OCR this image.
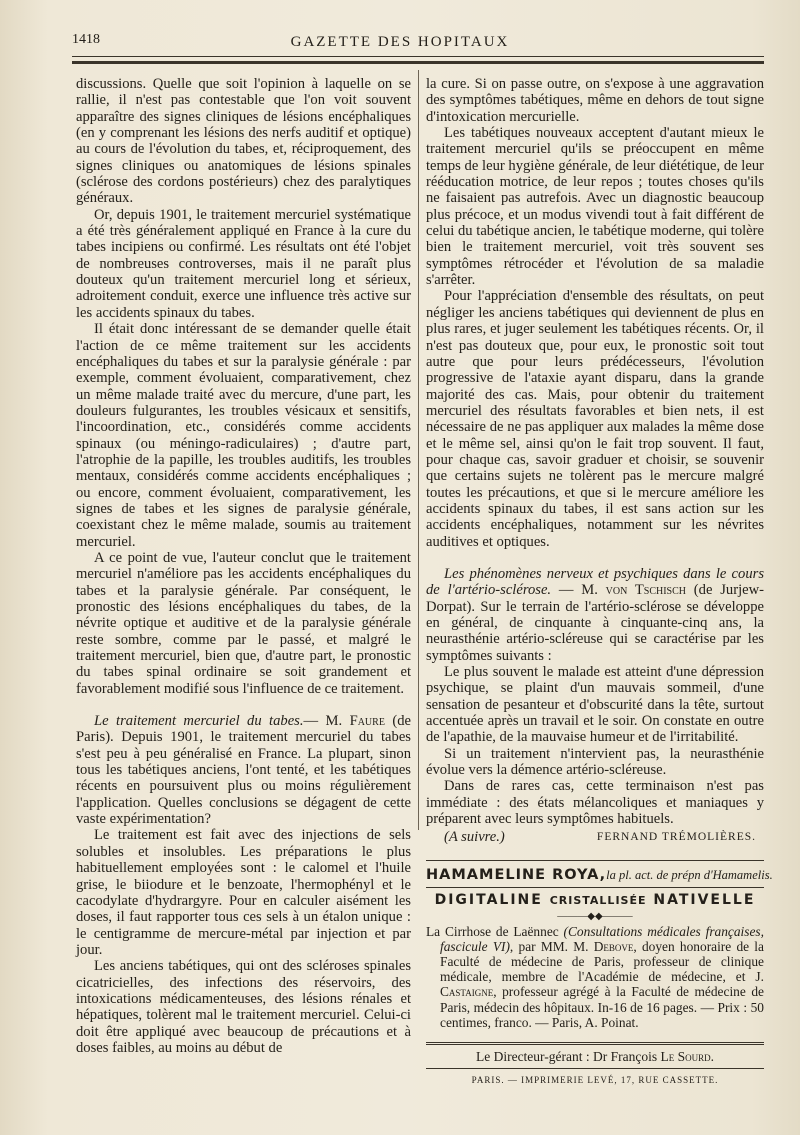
1418	GAZETTE DES HOPITAUX

discussions. Quelle que soit l'opinion à laquelle on se rallie, il n'est pas contestable que l'on voit souvent apparaître des signes cliniques de lésions encéphaliques (en y comprenant les lésions des nerfs auditif et optique) au cours de l'évolution du tabes, et, réciproquement, des signes cliniques ou anatomiques de lésions spinales (sclérose des cordons postérieurs) chez des paralytiques généraux.

Or, depuis 1901, le traitement mercuriel systématique a été très généralement appliqué en France à la cure du tabes incipiens ou confirmé. Les résultats ont été l'objet de nombreuses controverses, mais il ne paraît plus douteux qu'un traitement mercuriel long et sérieux, adroitement conduit, exerce une influence très active sur les accidents spinaux du tabes.

Il était donc intéressant de se demander quelle était l'action de ce même traitement sur les accidents encéphaliques du tabes et sur la paralysie générale : par exemple, comment évoluaient, comparativement, chez un même malade traité avec du mercure, d'une part, les douleurs fulgurantes, les troubles vésicaux et sensitifs, l'incoordination, etc., considérés comme accidents spinaux (ou méningo-radiculaires) ; d'autre part, l'atrophie de la papille, les troubles auditifs, les troubles mentaux, considérés comme accidents encéphaliques ; ou encore, comment évoluaient, comparativement, les signes de tabes et les signes de paralysie générale, coexistant chez le même malade, soumis au traitement mercuriel.

A ce point de vue, l'auteur conclut que le traitement mercuriel n'améliore pas les accidents encéphaliques du tabes et la paralysie générale. Par conséquent, le pronostic des lésions encéphaliques du tabes, de la névrite optique et auditive et de la paralysie générale reste sombre, comme par le passé, et malgré le traitement mercuriel, bien que, d'autre part, le pronostic du tabes spinal ordinaire se soit grandement et favorablement modifié sous l'influence de ce traitement.

Le traitement mercuriel du tabes.— M. Faure (de Paris). Depuis 1901, le traitement mercuriel du tabes s'est peu à peu généralisé en France. La plupart, sinon tous les tabétiques anciens, l'ont tenté, et les tabétiques récents en poursuivent plus ou moins régulièrement l'application. Quelles conclusions se dégagent de cette vaste expérimentation?

Le traitement est fait avec des injections de sels solubles et insolubles. Les préparations le plus habituellement employées sont : le calomel et l'huile grise, le biiodure et le benzoate, l'hermophényl et le cacodylate d'hydrargyre. Pour en calculer aisément les doses, il faut rapporter tous ces sels à un étalon unique : le centigramme de mercure-métal par injection et par jour.

Les anciens tabétiques, qui ont des scléroses spinales cicatricielles, des infections des réservoirs, des intoxications médicamenteuses, des lésions rénales et hépatiques, tolèrent mal le traitement mercuriel. Celui-ci doit être appliqué avec beaucoup de précautions et à doses faibles, au moins au début de

la cure. Si on passe outre, on s'expose à une aggravation des symptômes tabétiques, même en dehors de tout signe d'intoxication mercurielle.

Les tabétiques nouveaux acceptent d'autant mieux le traitement mercuriel qu'ils se préoccupent en même temps de leur hygiène générale, de leur diététique, de leur rééducation motrice, de leur repos ; toutes choses qu'ils ne faisaient pas autrefois. Avec un diagnostic beaucoup plus précoce, et un modus vivendi tout à fait différent de celui du tabétique ancien, le tabétique moderne, qui tolère bien le traitement mercuriel, voit très souvent ses symptômes rétrocéder et l'évolution de sa maladie s'arrêter.

Pour l'appréciation d'ensemble des résultats, on peut négliger les anciens tabétiques qui deviennent de plus en plus rares, et juger seulement les tabétiques récents. Or, il n'est pas douteux que, pour eux, le pronostic soit tout autre que pour leurs prédécesseurs, l'évolution progressive de l'ataxie ayant disparu, dans la grande majorité des cas. Mais, pour obtenir du traitement mercuriel des résultats favorables et bien nets, il est nécessaire de ne pas appliquer aux malades la même dose et le même sel, ainsi qu'on le fait trop souvent. Il faut, pour chaque cas, savoir graduer et choisir, se souvenir que certains sujets ne tolèrent pas le mercure malgré toutes les précautions, et que si le mercure améliore les accidents spinaux du tabes, il est sans action sur les accidents encéphaliques, notamment sur les névrites auditives et optiques.

Les phénomènes nerveux et psychiques dans le cours de l'artério-sclérose. — M. von Tschisch (de Jurjew-Dorpat). Sur le terrain de l'artério-sclérose se développe en général, de cinquante à cinquante-cinq ans, la neurasthénie artério-scléreuse qui se caractérise par les symptômes suivants :

Le plus souvent le malade est atteint d'une dépression psychique, se plaint d'un mauvais sommeil, d'une sensation de pesanteur et d'obscurité dans la tête, surtout accentuée après un travail et le soir. On constate en outre de l'apathie, de la mauvaise humeur et de l'irritabilité.

Si un traitement n'intervient pas, la neurasthénie évolue vers la démence artério-scléreuse.

Dans de rares cas, cette terminaison n'est pas immédiate : des états mélancoliques et maniaques y préparent avec leurs symptômes habituels.

(A suivre.)	FERNAND TRÉMOLIÈRES.

HAMAMELINE ROYA,la pl. act. de prépn d'Hamamelis.

DIGITALINE CRISTALLISÉE NATIVELLE

———◆◆———

La Cirrhose de Laënnec (Consultations médicales françaises, fascicule VI), par MM. M. Debove, doyen honoraire de la Faculté de médecine de Paris, professeur de clinique médicale, membre de l'Académie de médecine, et J. Castaigne, professeur agrégé à la Faculté de médecine de Paris, médecin des hôpitaux. In-16 de 16 pages. — Prix : 50 centimes, franco. — Paris, A. Poinat.

Le Directeur-gérant : Dr François Le Sourd.

PARIS. — IMPRIMERIE LEVÉ, 17, RUE CASSETTE.
